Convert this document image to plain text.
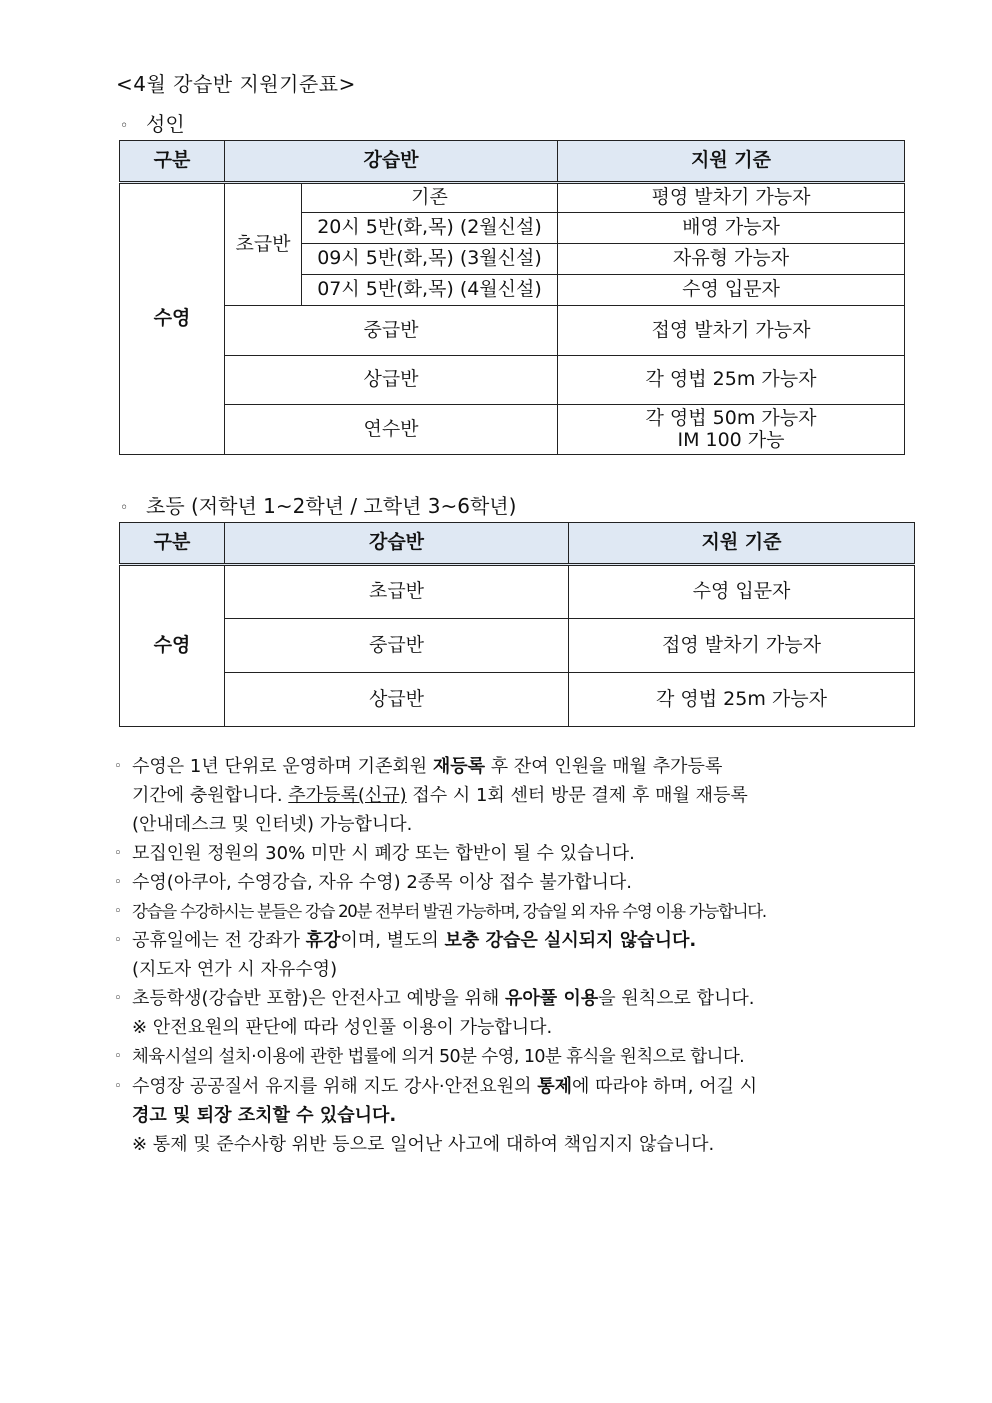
<4월 강습반 지원기준표>
◦ 성인
구분	강습반		지원 기준
수영	초급반	기존	평영 발차기 가능자
		20시 5반(화,목) (2월신설)	배영 가능자
		09시 5반(화,목) (3월신설)	자유형 가능자
		07시 5반(화,목) (4월신설)	수영 입문자
	중급반		접영 발차기 가능자
	상급반		각 영법 25m 가능자
	연수반		각 영법 50m 가능자
IM 100 가능
◦ 초등 (저학년 1~2학년 / 고학년 3~6학년)
구분	강습반	지원 기준
수영	초급반	수영 입문자
	중급반	접영 발차기 가능자
	상급반	각 영법 25m 가능자
◦ 수영은 1년 단위로 운영하며 기존회원 재등록 후 잔여 인원을 매월 추가등록
기간에 충원합니다. 추가등록(신규) 접수 시 1회 센터 방문 결제 후 매월 재등록
(안내데스크 및 인터넷) 가능합니다.
◦ 모집인원 정원의 30% 미만 시 폐강 또는 합반이 될 수 있습니다.
◦ 수영(아쿠아, 수영강습, 자유 수영) 2종목 이상 접수 불가합니다.
◦ 강습을 수강하시는 분들은 강습 20분 전부터 발권 가능하며, 강습일 외 자유 수영 이용 가능합니다.
◦ 공휴일에는 전 강좌가 휴강이며, 별도의 보충 강습은 실시되지 않습니다.
(지도자 연가 시 자유수영)
◦ 초등학생(강습반 포함)은 안전사고 예방을 위해 유아풀 이용을 원칙으로 합니다.
※ 안전요원의 판단에 따라 성인풀 이용이 가능합니다.
◦ 체육시설의 설치·이용에 관한 법률에 의거 50분 수영, 10분 휴식을 원칙으로 합니다.
◦ 수영장 공공질서 유지를 위해 지도 강사·안전요원의 통제에 따라야 하며, 어길 시
경고 및 퇴장 조치할 수 있습니다.
※ 통제 및 준수사항 위반 등으로 일어난 사고에 대하여 책임지지 않습니다.
